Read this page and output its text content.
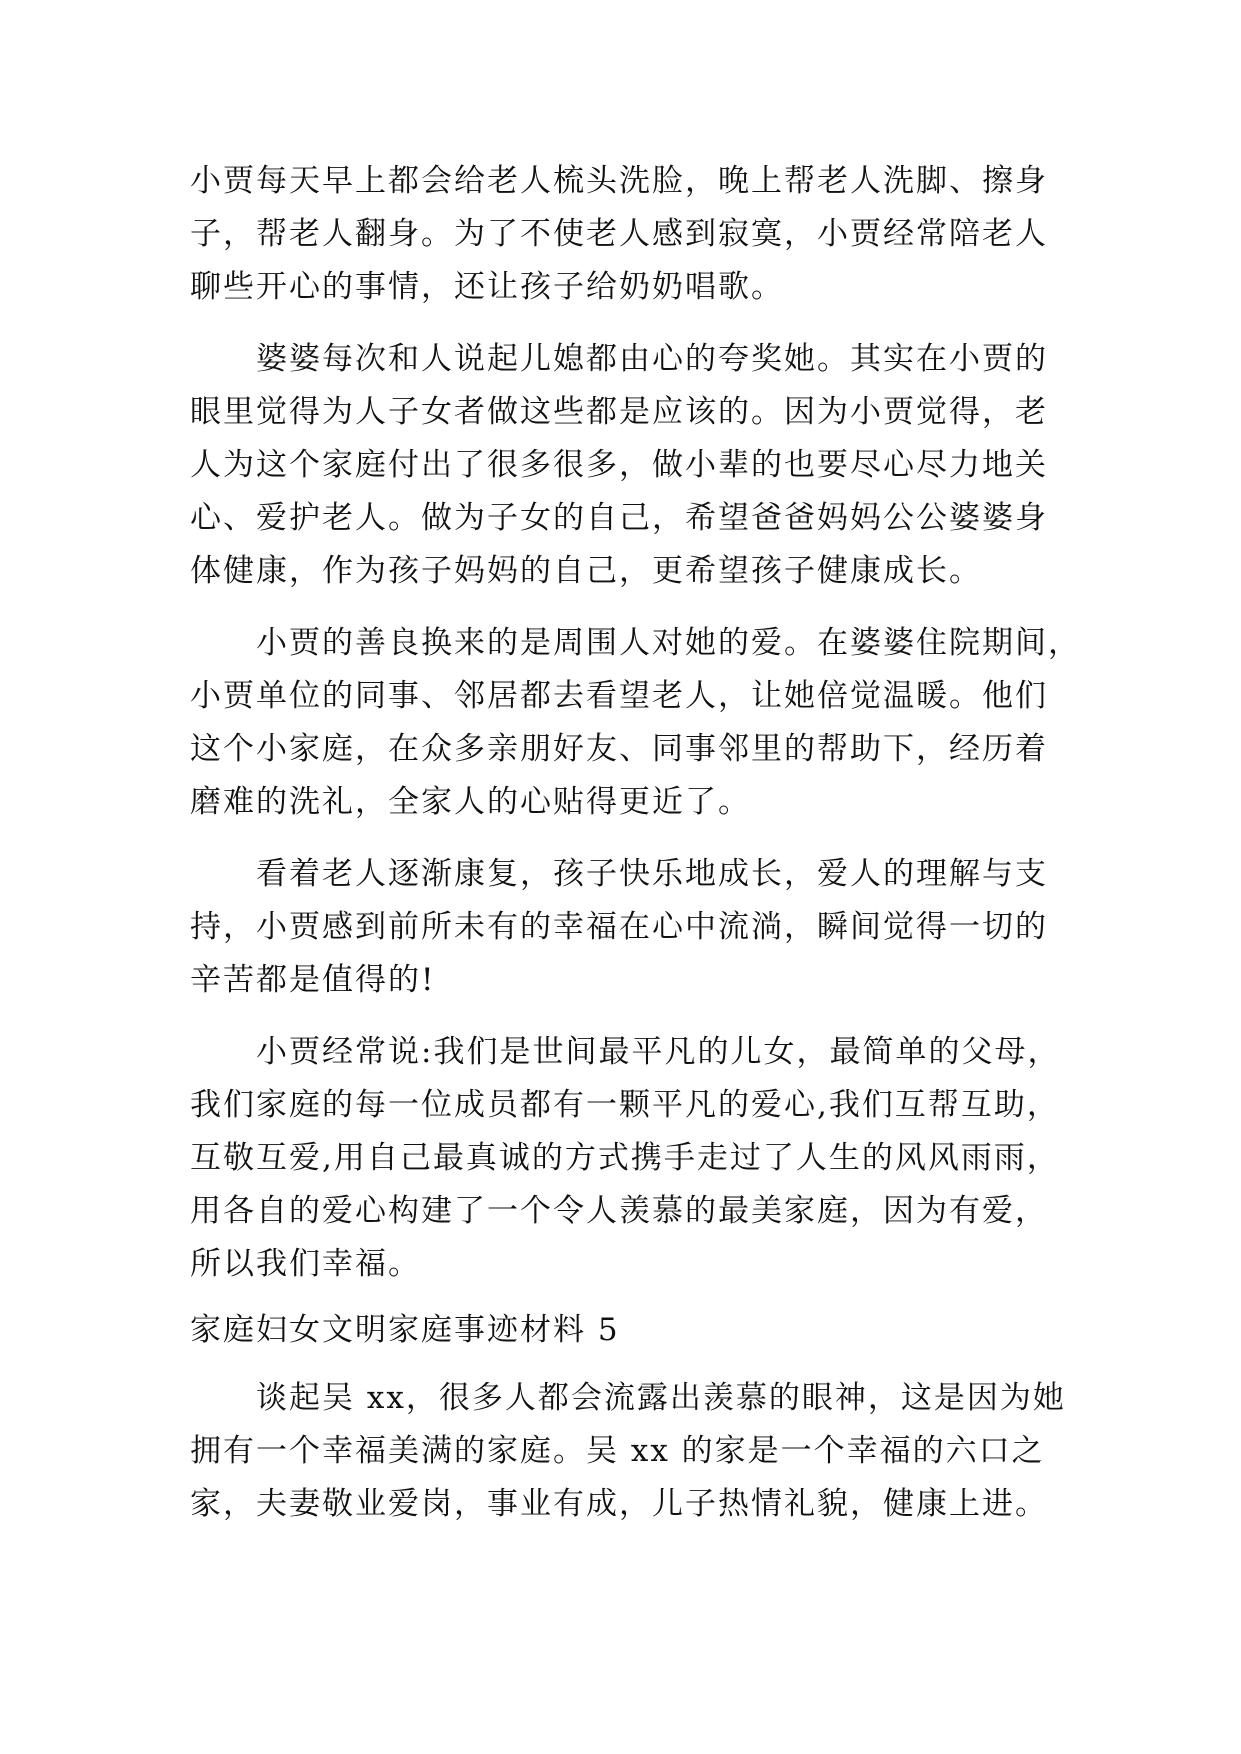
小贾每天早上都会给老人梳头洗脸，晚上帮老人洗脚、擦身
子，帮老人翻身。为了不使老人感到寂寞，小贾经常陪老人
聊些开心的事情，还让孩子给奶奶唱歌。
　　婆婆每次和人说起儿媳都由心的夸奖她。其实在小贾的
眼里觉得为人子女者做这些都是应该的。因为小贾觉得，老
人为这个家庭付出了很多很多，做小辈的也要尽心尽力地关
心、爱护老人。做为子女的自己，希望爸爸妈妈公公婆婆身
体健康，作为孩子妈妈的自己，更希望孩子健康成长。
　　小贾的善良换来的是周围人对她的爱。在婆婆住院期间，
小贾单位的同事、邻居都去看望老人，让她倍觉温暖。他们
这个小家庭，在众多亲朋好友、同事邻里的帮助下，经历着
磨难的洗礼，全家人的心贴得更近了。
　　看着老人逐渐康复，孩子快乐地成长，爱人的理解与支
持，小贾感到前所未有的幸福在心中流淌，瞬间觉得一切的
辛苦都是值得的!
　　小贾经常说:我们是世间最平凡的儿女，最简单的父母，
我们家庭的每一位成员都有一颗平凡的爱心,我们互帮互助，
互敬互爱,用自己最真诚的方式携手走过了人生的风风雨雨，
用各自的爱心构建了一个令人羡慕的最美家庭，因为有爱，
所以我们幸福。
家庭妇女文明家庭事迹材料 5
　　谈起吴 xx，很多人都会流露出羡慕的眼神，这是因为她
拥有一个幸福美满的家庭。吴 xx 的家是一个幸福的六口之
家，夫妻敬业爱岗，事业有成，儿子热情礼貌，健康上进。
